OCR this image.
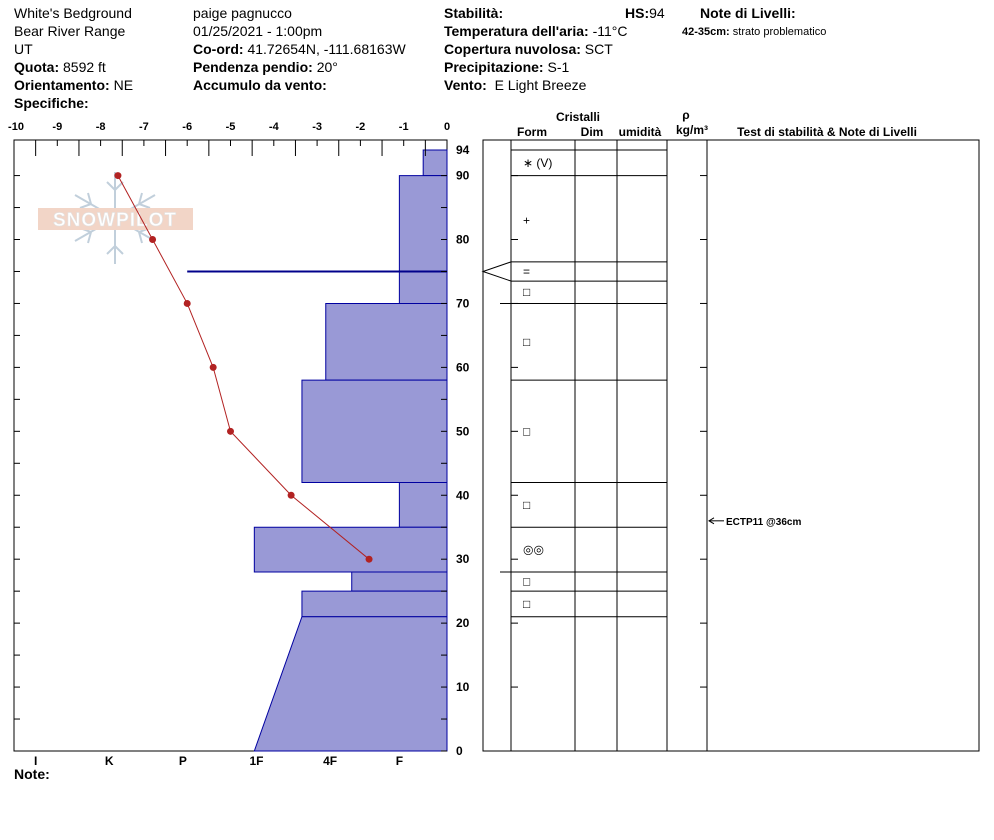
White's Bedground
Bear River Range
UT
Quota: 8592 ft
Orientamento: NE
Specifiche:
paige pagnucco
01/25/2021 - 1:00pm
Co-ord: 41.72654N, -111.68163W
Pendenza pendio: 20°
Accumulo da vento:
Stabilità:	HS:94
Temperatura dell'aria: -11°C
Copertura nuvolosa: SCT
Precipitazione: S-1
Vento: E Light Breeze
Note di Livelli:
42-35cm: strato problematico
Note:
Cristalli
Form	Dim umidità
ρ
kg/m³ Test di stabilità & Note di Livelli
SNOWPILOT
-10	-9	-8	-7	-6	-5	-4	-3	-2	-1	0
0
10
20
30
40
50
60
70
80
90
94
I	K	P	1F	4F	F
∗ (V)
+
=
□
□
□
□
◎◎
□
□
ECTP11 @36cm
